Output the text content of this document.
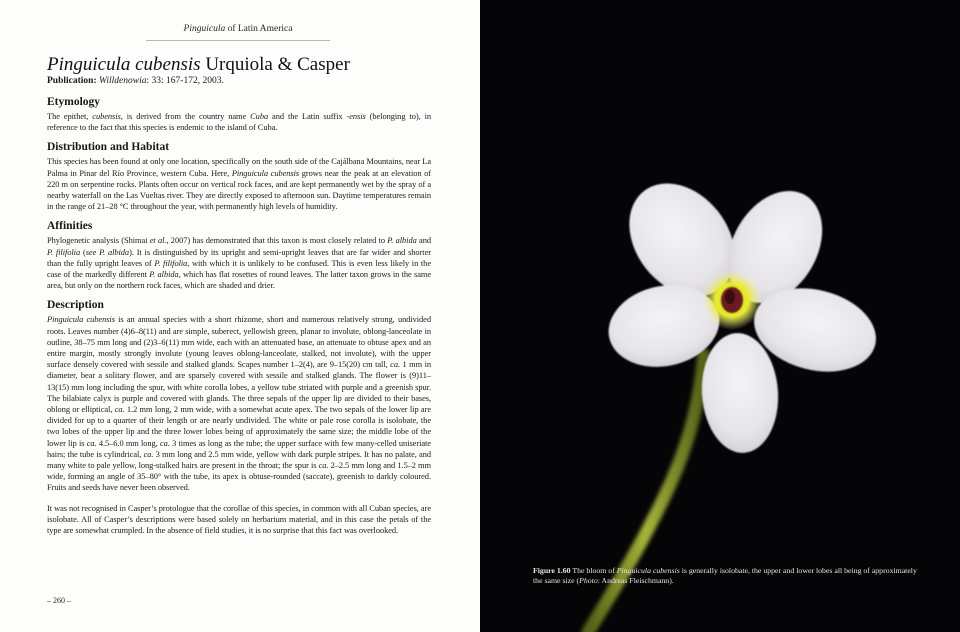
Pinguicula of Latin America
Pinguicula cubensis Urquiola & Casper

Publication: Willdenowia: 33: 167-172, 2003.

Etymology

The epithet, cubensis, is derived from the country name Cuba and the Latin suffix -ensis (belonging to), in reference to the fact that this species is endemic to the island of Cuba.

Distribution and Habitat

This species has been found at only one location, specifically on the south side of the Cajálbana Mountains, near La Palma in Pinar del Río Province, western Cuba. Here, Pinguicula cubensis grows near the peak at an elevation of 220 m on serpentine rocks. Plants often occur on vertical rock faces, and are kept permanently wet by the spray of a nearby waterfall on the Las Vueltas river. They are directly exposed to afternoon sun. Daytime temperatures remain in the range of 21–28 °C throughout the year, with permanently high levels of humidity.

Affinities

Phylogenetic analysis (Shimai et al., 2007) has demonstrated that this taxon is most closely related to P. albida and P. filifolia (see P. albida). It is distinguished by its upright and semi-upright leaves that are far wider and shorter than the fully upright leaves of P. filifolia, with which it is unlikely to be confused. This is even less likely in the case of the markedly different P. albida, which has flat rosettes of round leaves. The latter taxon grows in the same area, but only on the northern rock faces, which are shaded and drier.

Description

Pinguicula cubensis is an annual species with a short rhizome, short and numerous relatively strong, undivided roots. Leaves number (4)6–8(11) and are simple, suberect, yellowish green, planar to involute, oblong-lanceolate in outline, 38–75 mm long and (2)3–6(11) mm wide, each with an attenuated base, an attenuate to obtuse apex and an entire margin, mostly strongly involute (young leaves oblong-lanceolate, stalked, not involute), with the upper surface densely covered with sessile and stalked glands. Scapes number 1–2(4), are 9–15(20) cm tall, ca. 1 mm in diameter, bear a solitary flower, and are sparsely covered with sessile and stalked glands. The flower is (9)11–13(15) mm long including the spur, with white corolla lobes, a yellow tube striated with purple and a greenish spur. The bilabiate calyx is purple and covered with glands. The three sepals of the upper lip are divided to their bases, oblong or elliptical, ca. 1.2 mm long, 2 mm wide, with a somewhat acute apex. The two sepals of the lower lip are divided for up to a quarter of their length or are nearly undivided. The white or pale rose corolla is isolobate, the two lobes of the upper lip and the three lower lobes being of approximately the same size; the middle lobe of the lower lip is ca. 4.5–6.0 mm long, ca. 3 times as long as the tube; the upper surface with few many-celled uniseriate hairs; the tube is cylindrical, ca. 3 mm long and 2.5 mm wide, yellow with dark purple stripes. It has no palate, and many white to pale yellow, long-stalked hairs are present in the throat; the spur is ca. 2–2.5 mm long and 1.5–2 mm wide, forming an angle of 35–80° with the tube, its apex is obtuse-rounded (saccate), greenish to darkly coloured. Fruits and seeds have never been observed.

It was not recognised in Casper’s protologue that the corollae of this species, in common with all Cuban species, are isolobate. All of Casper’s descriptions were based solely on herbarium material, and in this case the petals of the type are somewhat crumpled. In the absence of field studies, it is no surprise that this fact was overlooked.

– 260 –
Figure 1.60 The bloom of Pinguicula cubensis is generally isolobate, the upper and lower lobes all being of approximately the same size (Photo: Andreas Fleischmann).
